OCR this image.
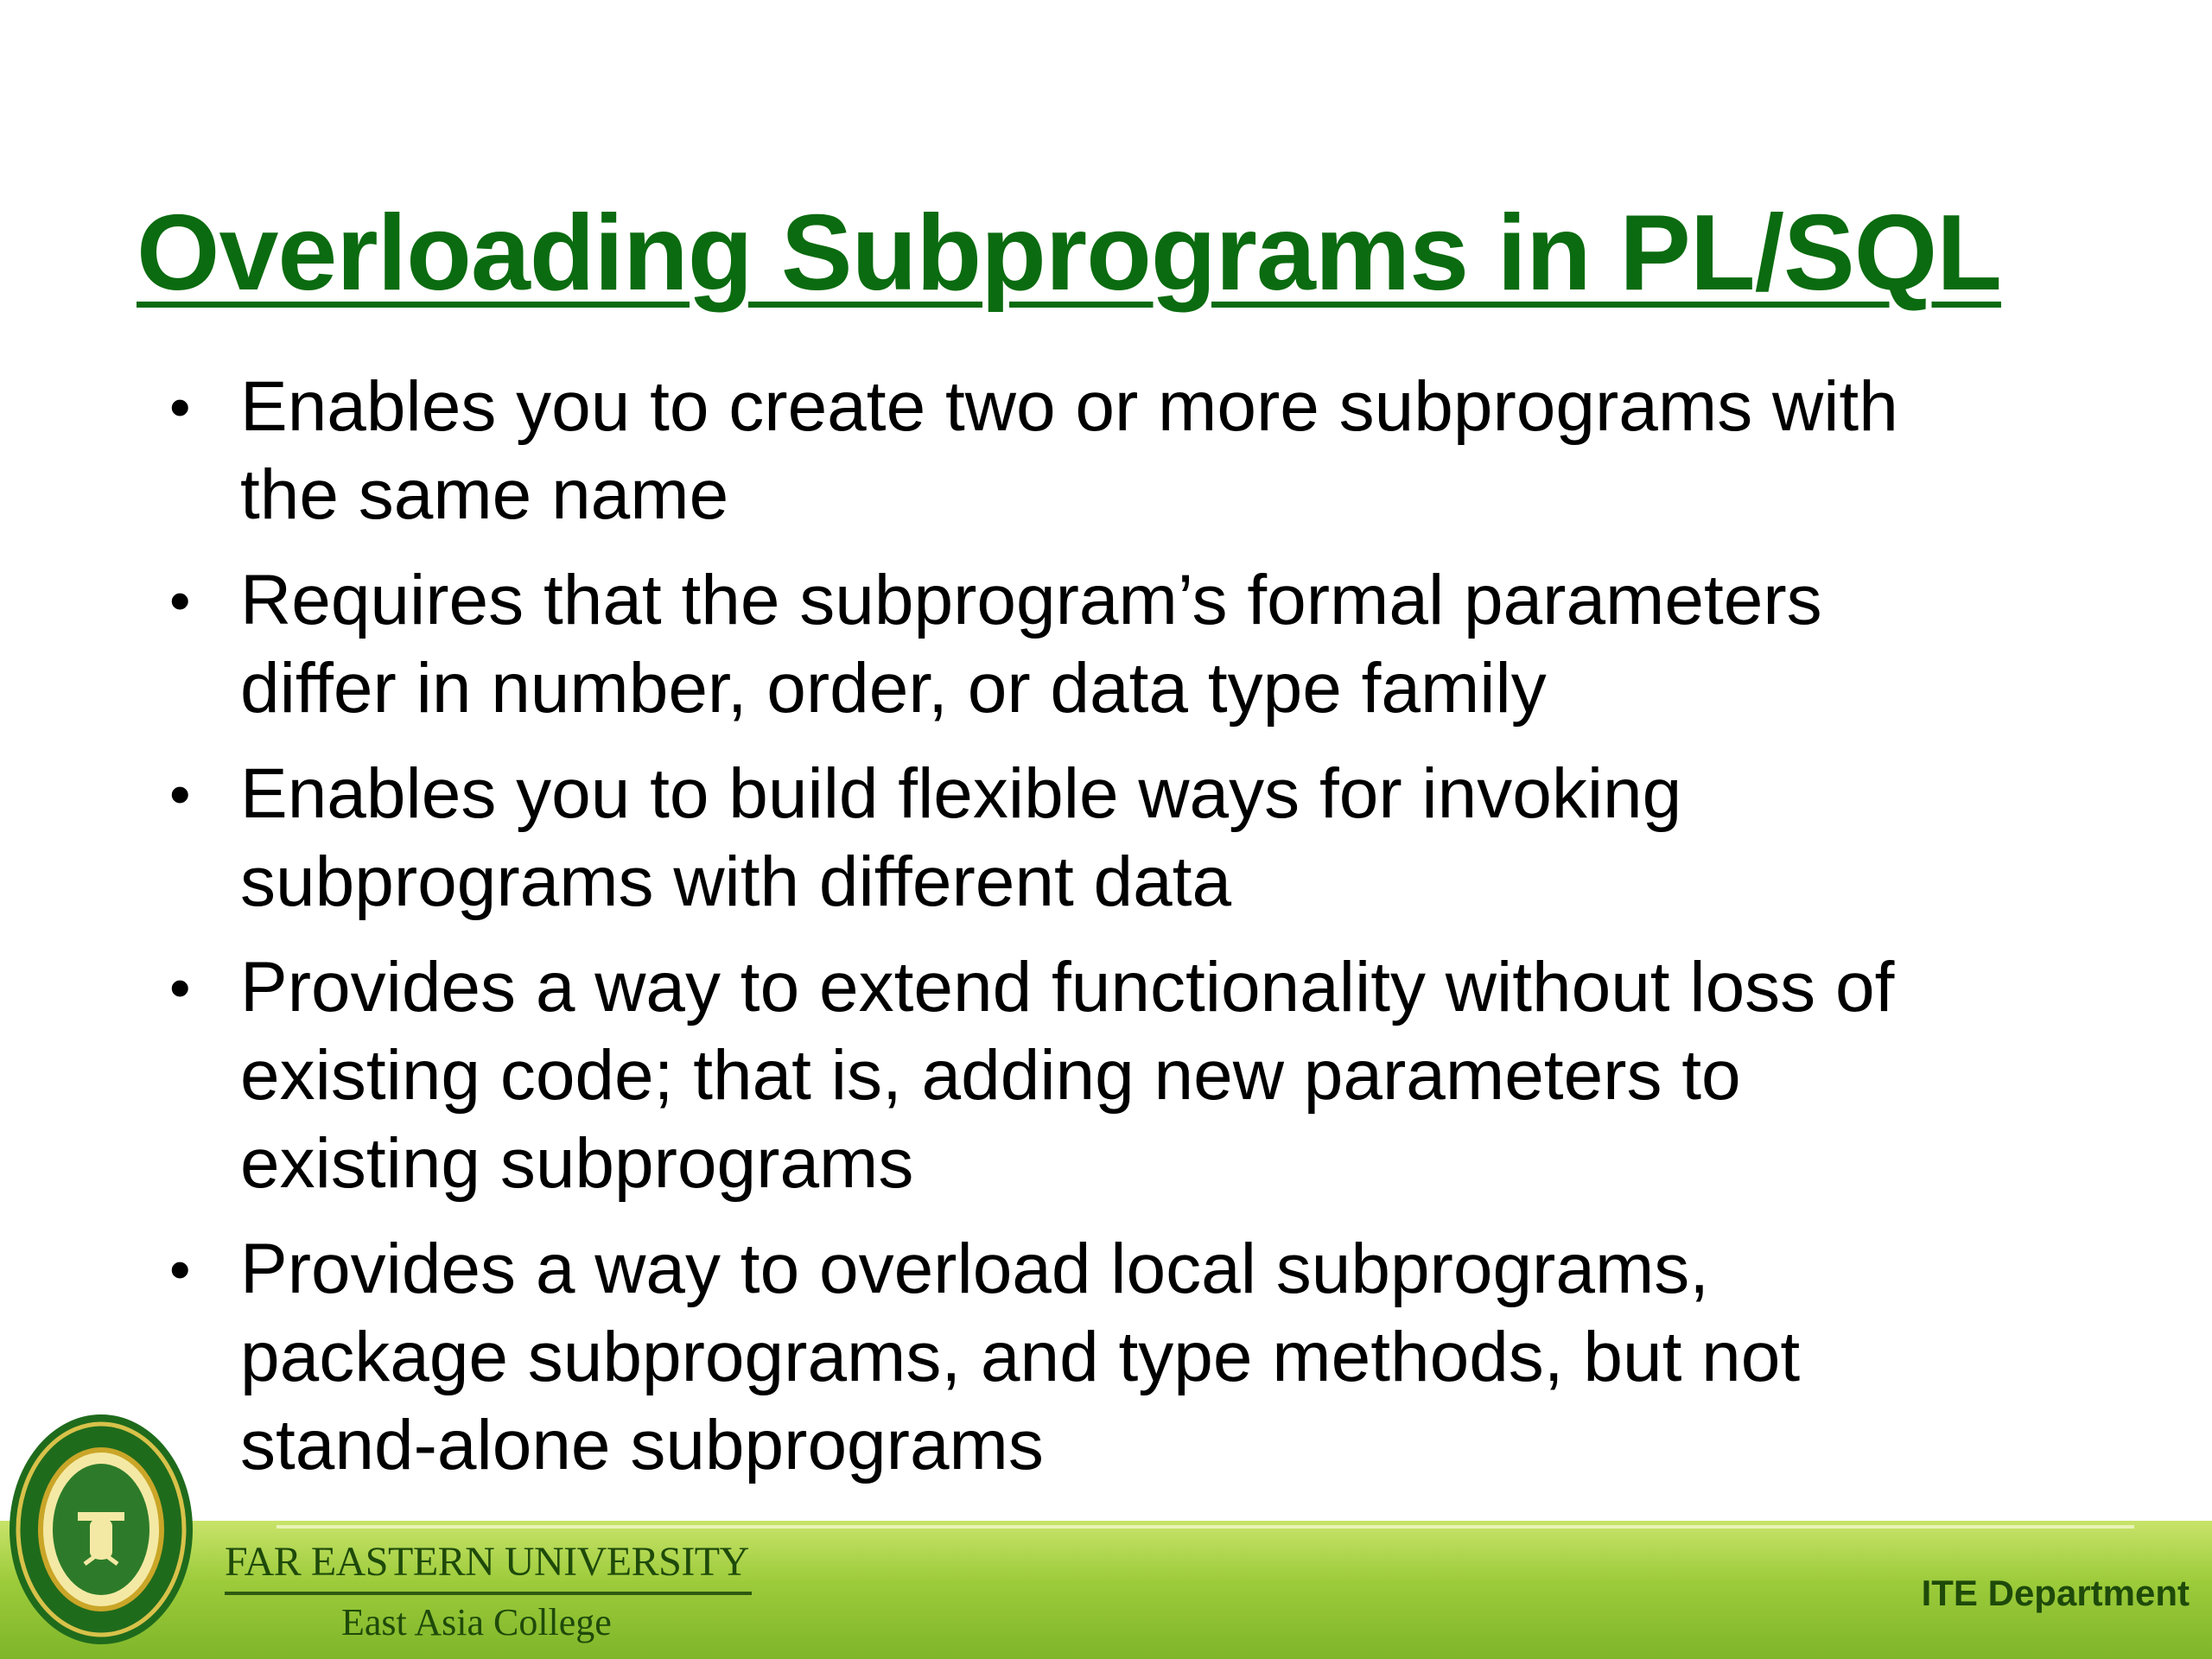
Overloading Subprograms in PL/SQL
• Enables you to create two or more subprograms with
the same name
• Requires that the subprogram’s formal parameters
differ in number, order, or data type family
• Enables you to build flexible ways for invoking
subprograms with different data
• Provides a way to extend functionality without loss of
existing code; that is, adding new parameters to
existing subprograms
• Provides a way to overload local subprograms,
package subprograms, and type methods, but not
stand-alone subprograms
FAR EASTERN UNIVERSITY
East Asia College
ITE Department
